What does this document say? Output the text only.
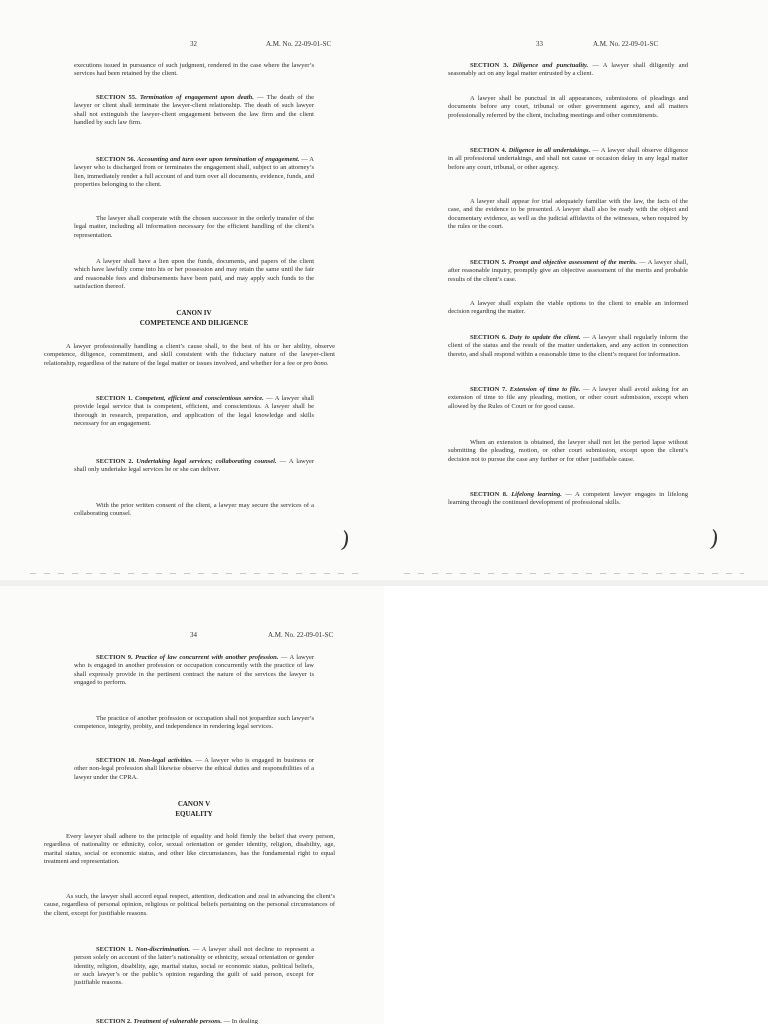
32	A.M. No. 22-09-01-SC
executions issued in pursuance of such judgment, rendered in the case where the lawyer’s services had been retained by the client.
SECTION 55. Termination of engagement upon death. — The death of the lawyer or client shall terminate the lawyer-client relationship. The death of such lawyer shall not extinguish the lawyer-client engagement between the law firm and the client handled by such law firm.
SECTION 56. Accounting and turn over upon termination of engagement. — A lawyer who is discharged from or terminates the engagement shall, subject to an attorney’s lien, immediately render a full account of and turn over all documents, evidence, funds, and properties belonging to the client.
The lawyer shall cooperate with the chosen successor in the orderly transfer of the legal matter, including all information necessary for the efficient handling of the client’s representation.
A lawyer shall have a lien upon the funds, documents, and papers of the client which have lawfully come into his or her possession and may retain the same until the fair and reasonable fees and disbursements have been paid, and may apply such funds to the satisfaction thereof.
CANON IV
COMPETENCE AND DILIGENCE
A lawyer professionally handling a client’s cause shall, to the best of his or her ability, observe competence, diligence, commitment, and skill consistent with the fiduciary nature of the lawyer-client relationship, regardless of the nature of the legal matter or issues involved, and whether for a fee or pro bono.
SECTION 1. Competent, efficient and conscientious service. — A lawyer shall provide legal service that is competent, efficient, and conscientious. A lawyer shall be thorough in research, preparation, and application of the legal knowledge and skills necessary for an engagement.
SECTION 2. Undertaking legal services; collaborating counsel. — A lawyer shall only undertake legal services he or she can deliver.
With the prior written consent of the client, a lawyer may secure the services of a collaborating counsel.
)
33	A.M. No. 22-09-01-SC
SECTION 3. Diligence and punctuality. — A lawyer shall diligently and seasonably act on any legal matter entrusted by a client.
A lawyer shall be punctual in all appearances, submissions of pleadings and documents before any court, tribunal or other government agency, and all matters professionally referred by the client, including meetings and other commitments.
SECTION 4. Diligence in all undertakings. — A lawyer shall observe diligence in all professional undertakings, and shall not cause or occasion delay in any legal matter before any court, tribunal, or other agency.
A lawyer shall appear for trial adequately familiar with the law, the facts of the case, and the evidence to be presented. A lawyer shall also be ready with the object and documentary evidence, as well as the judicial affidavits of the witnesses, when required by the rules or the court.
SECTION 5. Prompt and objective assessment of the merits. — A lawyer shall, after reasonable inquiry, promptly give an objective assessment of the merits and probable results of the client’s case.
A lawyer shall explain the viable options to the client to enable an informed decision regarding the matter.
SECTION 6. Duty to update the client. — A lawyer shall regularly inform the client of the status and the result of the matter undertaken, and any action in connection thereto, and shall respond within a reasonable time to the client’s request for information.
SECTION 7. Extension of time to file. — A lawyer shall avoid asking for an extension of time to file any pleading, motion, or other court submission, except when allowed by the Rules of Court or for good cause.
When an extension is obtained, the lawyer shall not let the period lapse without submitting the pleading, motion, or other court submission, except upon the client’s decision not to pursue the case any further or for other justifiable cause.
SECTION 8. Lifelong learning. — A competent lawyer engages in lifelong learning through the continued development of professional skills.
)
34	A.M. No. 22-09-01-SC
SECTION 9. Practice of law concurrent with another profession. — A lawyer who is engaged in another profession or occupation concurrently with the practice of law shall expressly provide in the pertinent contract the nature of the services the lawyer is engaged to perform.
The practice of another profession or occupation shall not jeopardize such lawyer’s competence, integrity, probity, and independence in rendering legal services.
SECTION 10. Non-legal activities. — A lawyer who is engaged in business or other non-legal profession shall likewise observe the ethical duties and responsibilities of a lawyer under the CPRA.
CANON V
EQUALITY
Every lawyer shall adhere to the principle of equality and hold firmly the belief that every person, regardless of nationality or ethnicity, color, sexual orientation or gender identity, religion, disability, age, marital status, social or economic status, and other like circumstances, has the fundamental right to equal treatment and representation.
As such, the lawyer shall accord equal respect, attention, dedication and zeal in advancing the client’s cause, regardless of personal opinion, religious or political beliefs pertaining on the personal circumstances of the client, except for justifiable reasons.
SECTION 1. Non-discrimination. — A lawyer shall not decline to represent a person solely on account of the latter’s nationality or ethnicity, sexual orientation or gender identity, religion, disability, age, marital status, social or economic status, political beliefs, or such lawyer’s or the public’s opinion regarding the guilt of said person, except for justifiable reasons.
SECTION 2. Treatment of vulnerable persons. — In dealing
